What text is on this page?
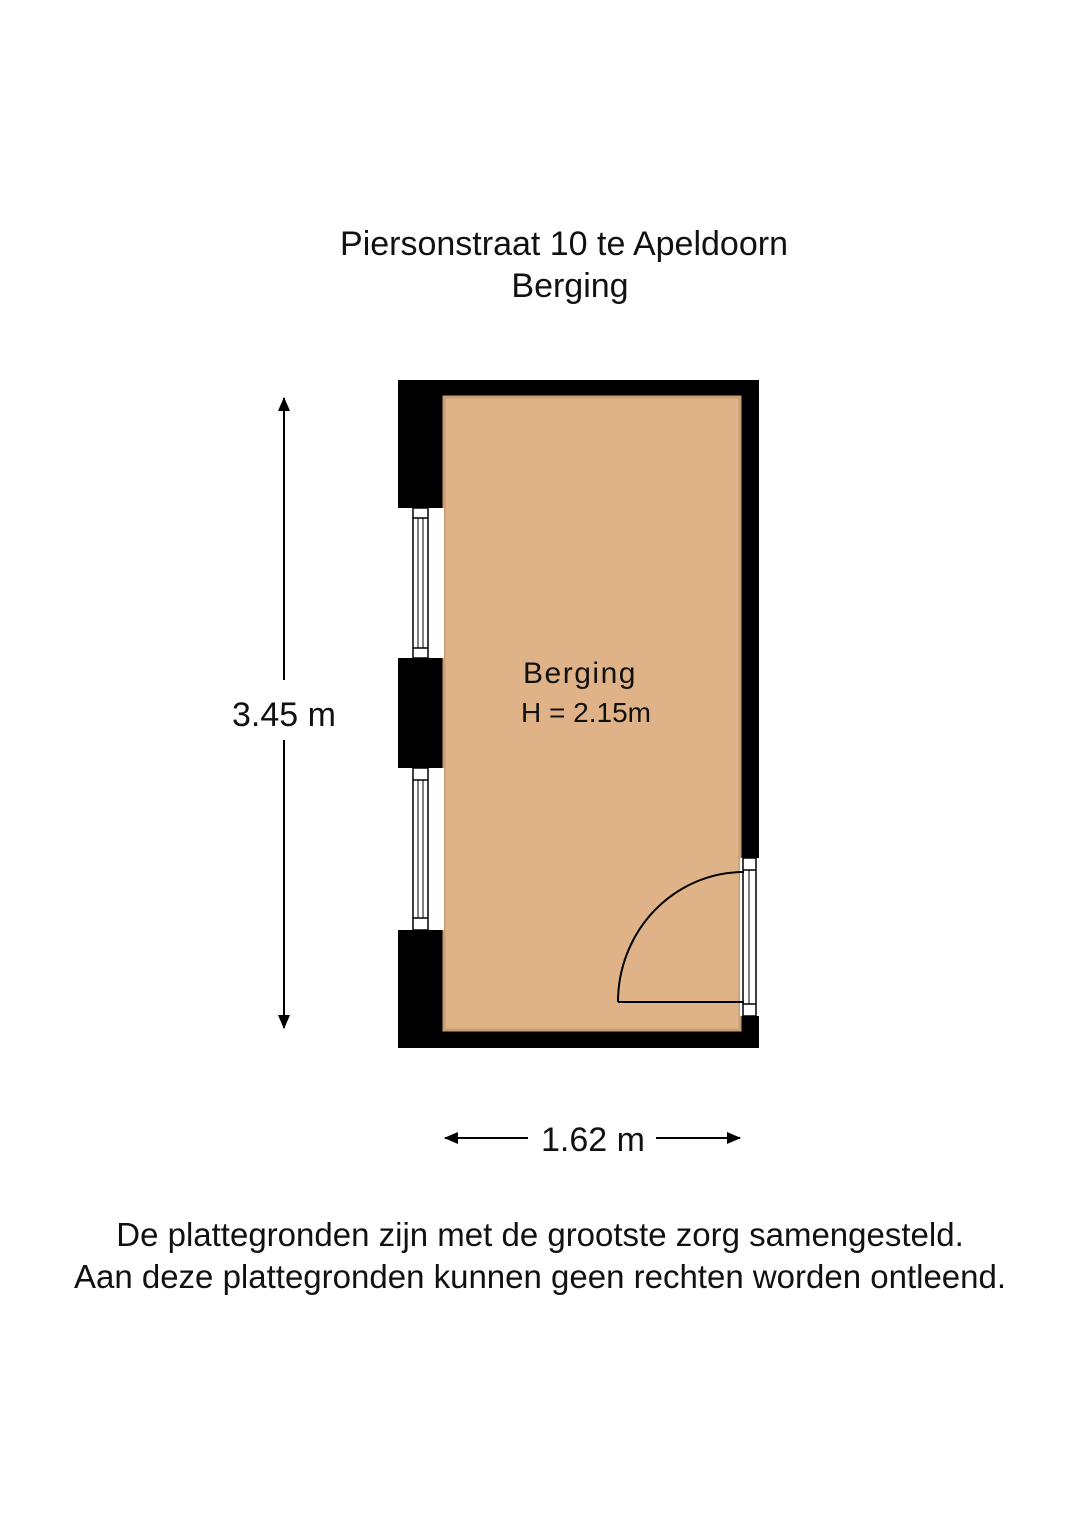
Piersonstraat 10 te Apeldoorn
Berging
Berging
H = 2.15m
3.45 m
1.62 m
De plattegronden zijn met de grootste zorg samengesteld.
Aan deze plattegronden kunnen geen rechten worden ontleend.
